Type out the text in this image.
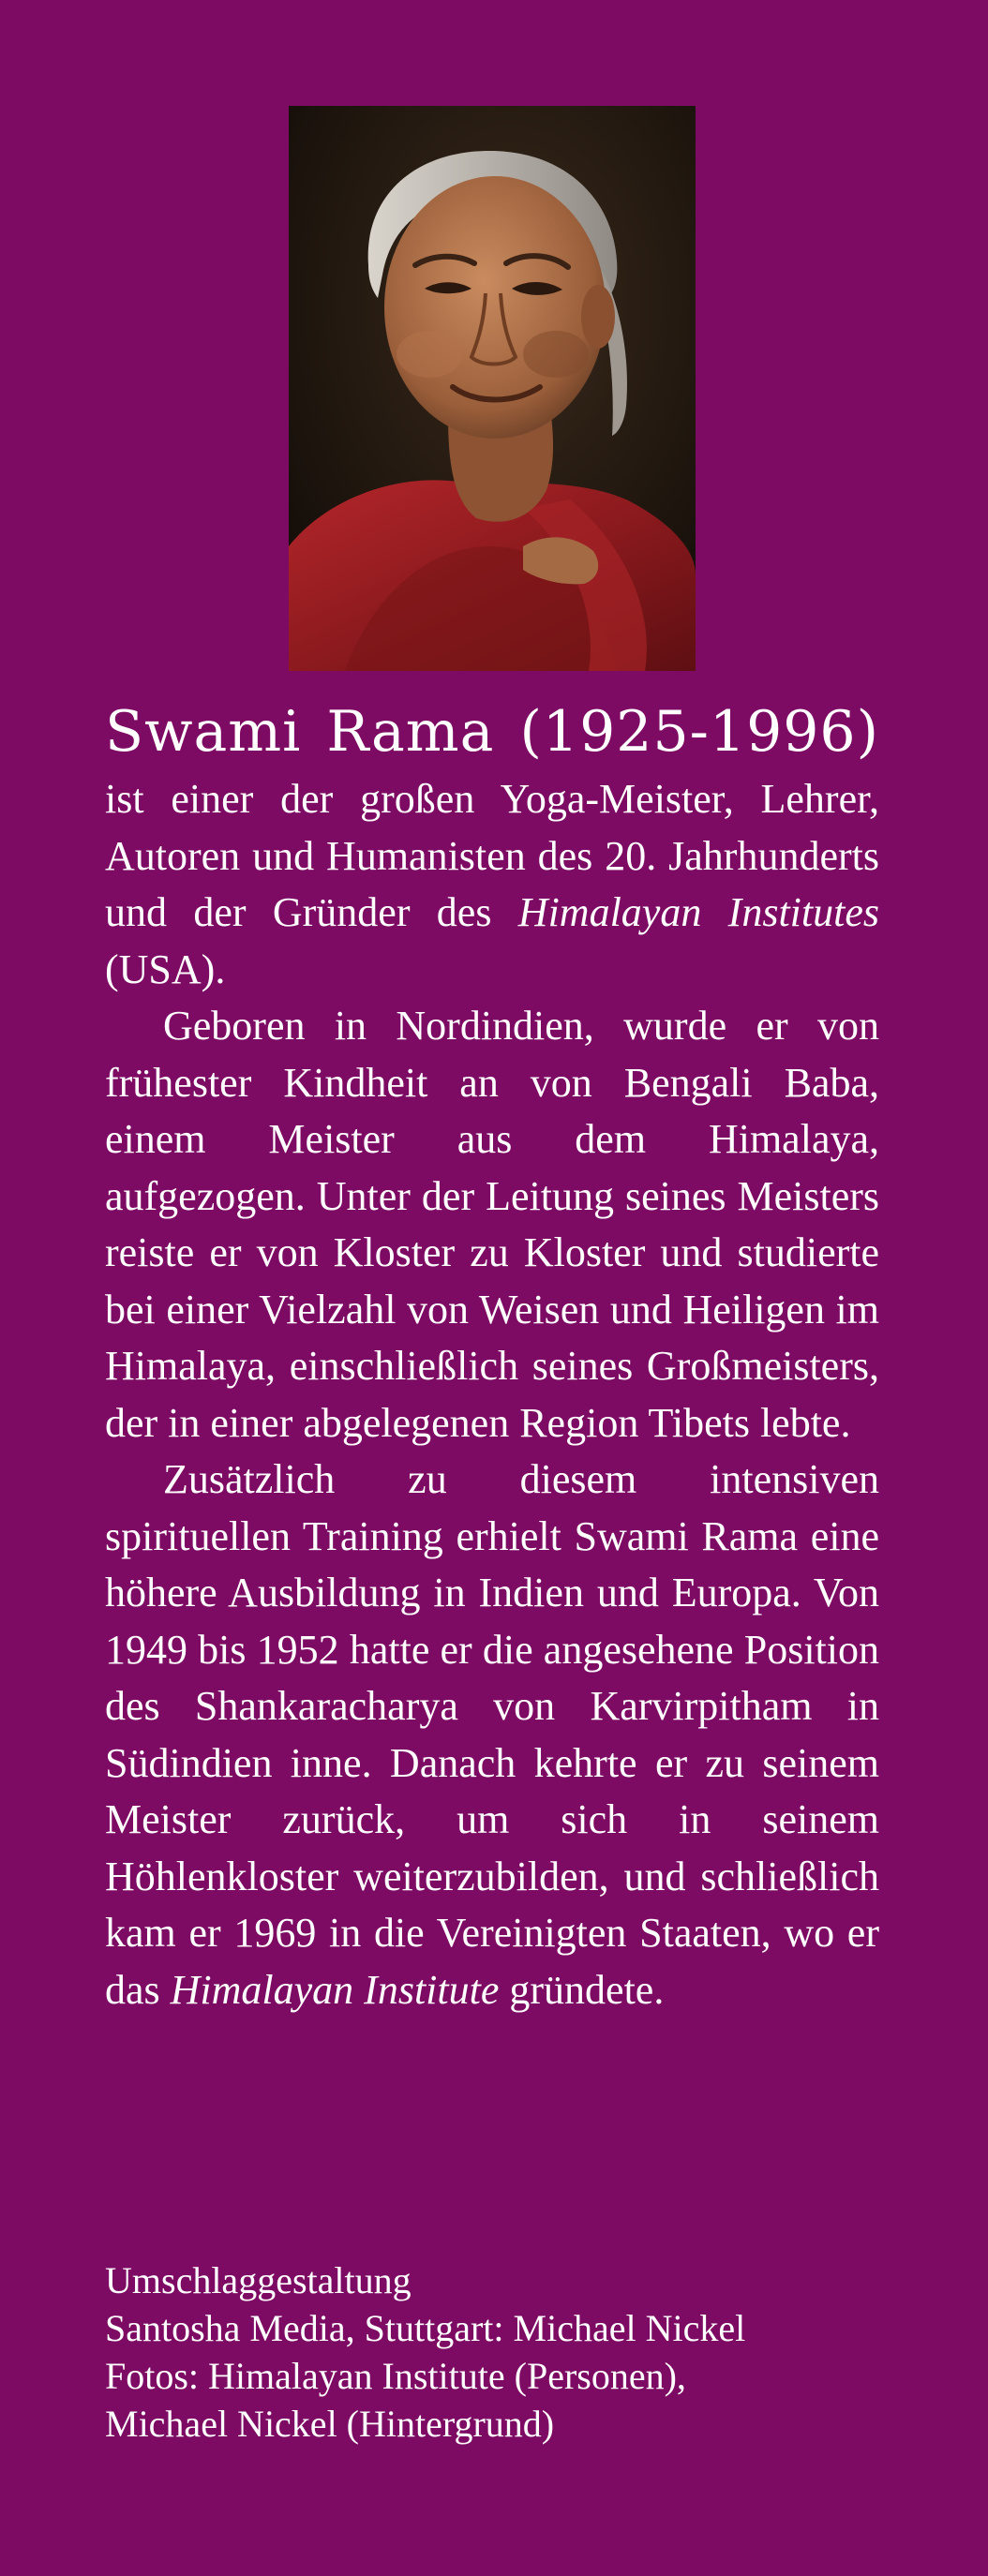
Swami Rama (1925-1996)

ist einer der großen Yoga-Meister, Lehrer, Autoren und Humanisten des 20. Jahrhunderts und der Gründer des Himalayan Institutes (USA).

Geboren in Nordindien, wurde er von frühester Kindheit an von Bengali Baba, einem Meister aus dem Himalaya, aufgezogen. Unter der Leitung seines Meisters reiste er von Kloster zu Kloster und studierte bei einer Vielzahl von Weisen und Heiligen im Himalaya, einschließlich seines Großmeisters, der in einer abgelegenen Region Tibets lebte.

Zusätzlich zu diesem intensiven spirituellen Training erhielt Swami Rama eine höhere Ausbildung in Indien und Europa. Von 1949 bis 1952 hatte er die angesehene Position des Shankaracharya von Karvirpitham in Südindien inne. Danach kehrte er zu seinem Meister zurück, um sich in seinem Höhlenkloster weiterzubilden, und schließlich kam er 1969 in die Vereinigten Staaten, wo er das Himalayan Institute gründete.

Umschlaggestaltung
Santosha Media, Stuttgart: Michael Nickel
Fotos: Himalayan Institute (Personen),
Michael Nickel (Hintergrund)
